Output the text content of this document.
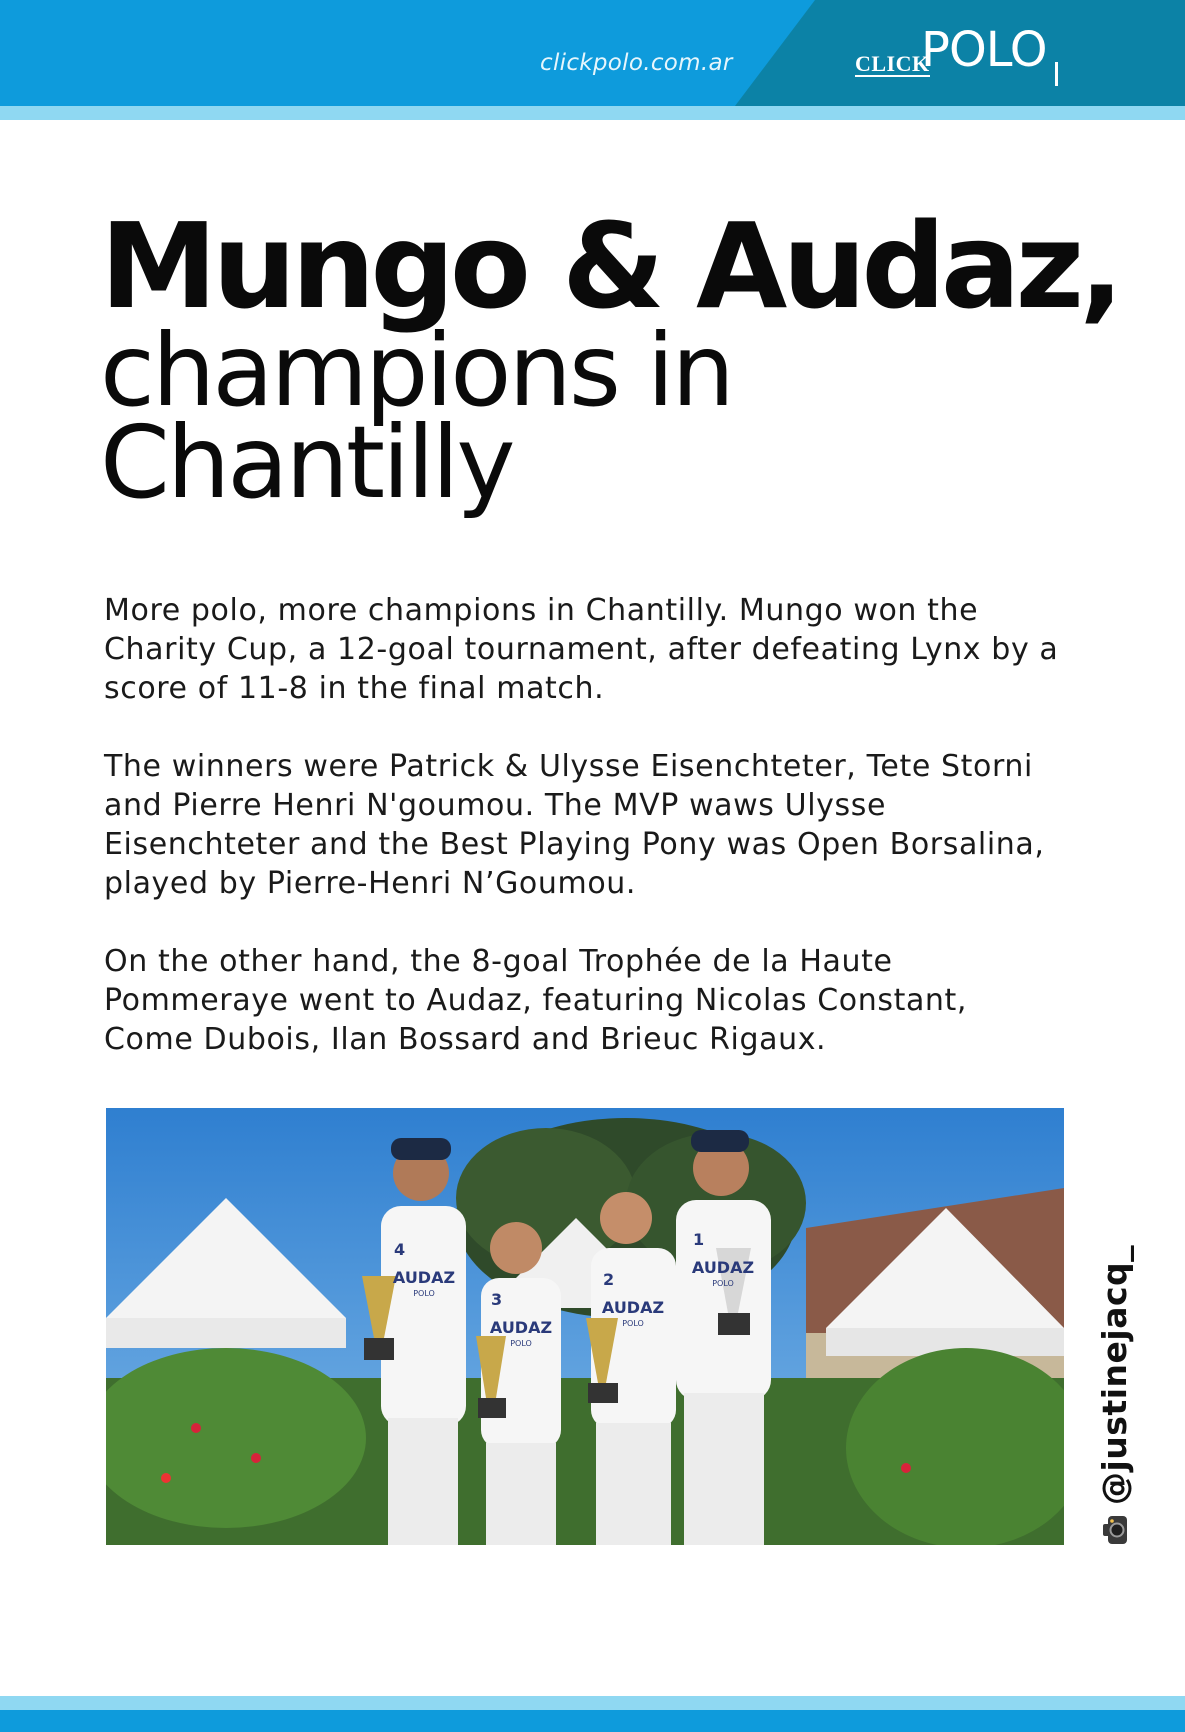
clickpolo.com.ar	CLICK
POLO
Mungo & Audaz,
champions in
Chantilly

More polo, more champions in Chantilly. Mungo won the Charity Cup, a 12-goal tournament, after defeating Lynx by a score of 11-8 in the final match.

The winners were Patrick & Ulysse Eisenchteter, Tete Storni and Pierre Henri N'goumou. The MVP waws Ulysse Eisenchteter and the Best Playing Pony was Open Borsalina, played by Pierre-Henri N’Goumou.

On the other hand, the 8-goal Trophée de la Haute Pommeraye went to Audaz, featuring Nicolas Constant, Come Dubois, Ilan Bossard and Brieuc Rigaux.

4
AUDAZ
POLO	3
AUDAZ
POLO
2
AUDAZ
POLO
1
AUDAZ
POLO	@justinejacq_
